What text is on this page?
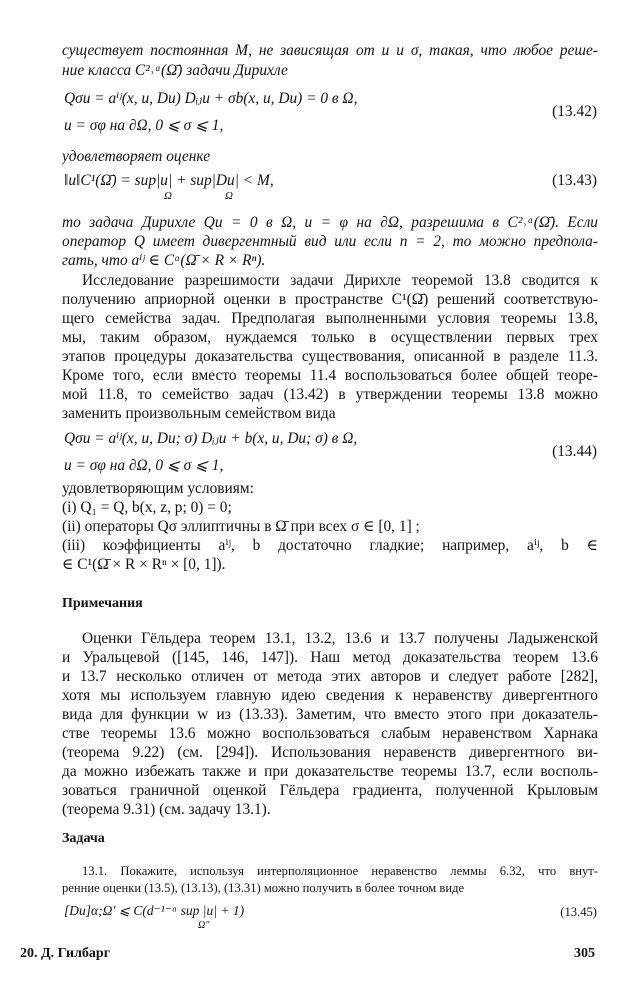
существует постоянная M, не зависящая от u и σ, такая, что любое реше-
ние класса C²˒ᵅ(Ω̄) задачи Дирихле
Qσu = aⁱʲ(x, u, Du) Dᵢⱼu + σb(x, u, Du) = 0 в Ω,
u = σφ на ∂Ω, 0 ⩽ σ ⩽ 1,
(13.42)
удовлетворяет оценке
‖u‖C¹(Ω̄) = sup|u| + sup|Du| < M,
Ω	Ω
(13.43)
то задача Дирихле Qu = 0 в Ω, u = φ на ∂Ω, разрешима в C²˒ᵅ(Ω̄). Если
оператор Q имеет дивергентный вид или если n = 2, то можно предпола-
гать, что aⁱʲ ∈ Cᵅ(Ω̄ × R × Rⁿ).
Исследование разрешимости задачи Дирихле теоремой 13.8 сводится к
получению априорной оценки в пространстве C¹(Ω̄) решений соответствую-
щего семейства задач. Предполагая выполненными условия теоремы 13.8,
мы, таким образом, нуждаемся только в осуществлении первых трех
этапов процедуры доказательства существования, описанной в разделе 11.3.
Кроме того, если вместо теоремы 11.4 воспользоваться более общей теоре-
мой 11.8, то семейство задач (13.42) в утверждении теоремы 13.8 можно
заменить произвольным семейством вида
Qσu = aⁱʲ(x, u, Du; σ) Dᵢⱼu + b(x, u, Du; σ) в Ω,
u = σφ на ∂Ω, 0 ⩽ σ ⩽ 1,
(13.44)
удовлетворяющим условиям:
(i) Q₁ = Q, b(x, z, p; 0) = 0;
(ii) операторы Qσ эллиптичны в Ω̄ при всех σ ∈ [0, 1] ;
(iii) коэффициенты aⁱʲ, b достаточно гладкие; например, aⁱʲ, b ∈
∈ C¹(Ω̄ × R × Rⁿ × [0, 1]).
Примечания
Оценки Гёльдера теорем 13.1, 13.2, 13.6 и 13.7 получены Ладыженской
и Уральцевой ([145, 146, 147]). Наш метод доказательства теорем 13.6
и 13.7 несколько отличен от метода этих авторов и следует работе [282],
хотя мы используем главную идею сведения к неравенству дивергентного
вида для функции w из (13.33). Заметим, что вместо этого при доказатель-
стве теоремы 13.6 можно воспользоваться слабым неравенством Харнака
(теорема 9.22) (см. [294]). Использования неравенств дивергентного ви-
да можно избежать также и при доказательстве теоремы 13.7, если восполь-
зоваться граничной оценкой Гёльдера градиента, полученной Крыловым
(теорема 9.31) (см. задачу 13.1).
Задача
13.1. Покажите, используя интерполяционное неравенство леммы 6.32, что внут-
ренние оценки (13.5), (13.13), (13.31) можно получить в более точном виде
[Du]α;Ω′ ⩽ C(d⁻¹⁻ᵅ sup |u| + 1)
Ω″
(13.45)
20. Д. Гилбарг	305
